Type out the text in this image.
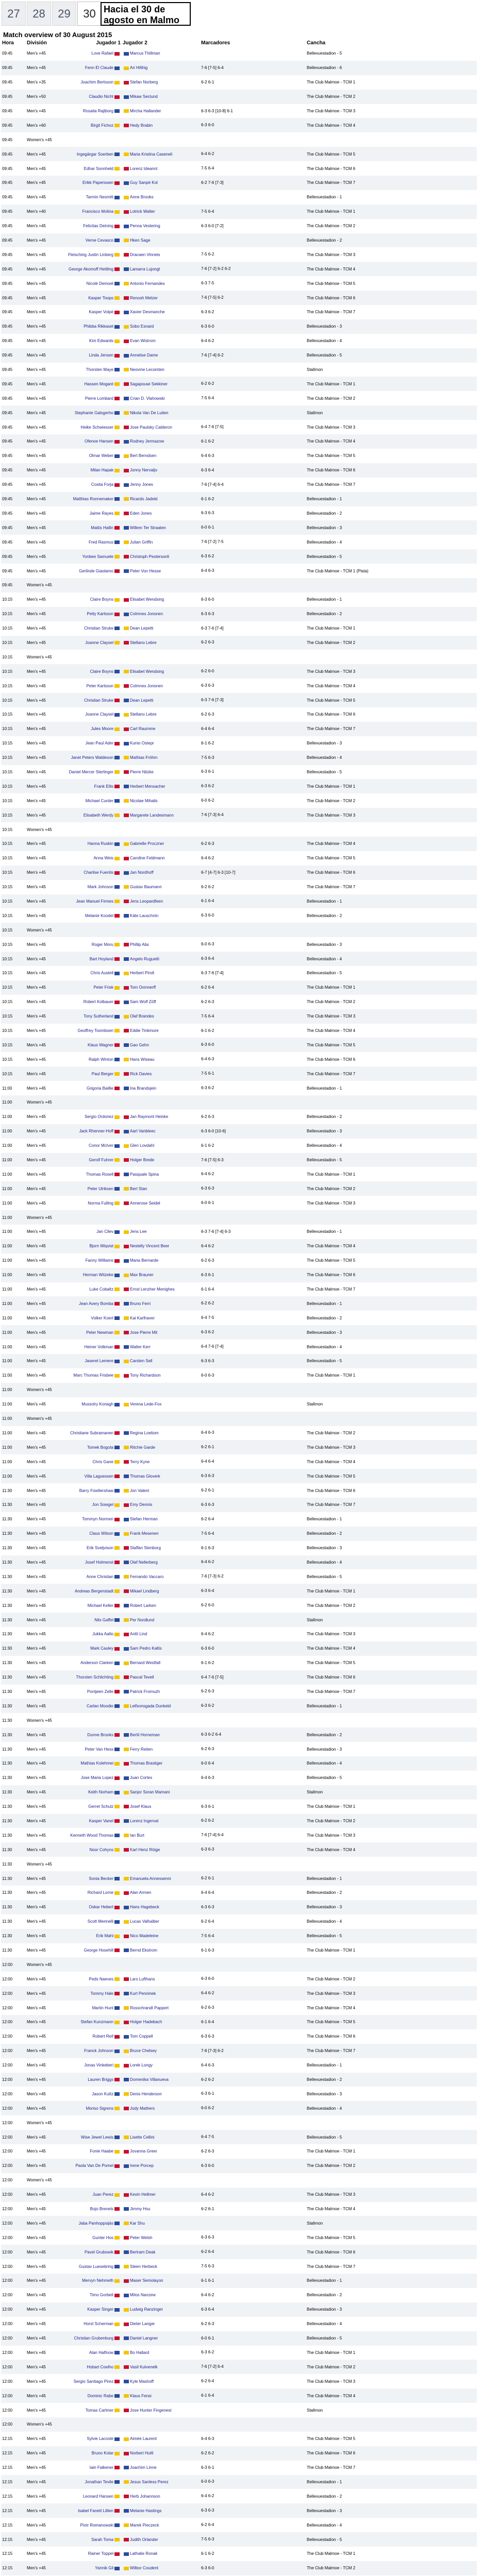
27	28	29	30 Hacia el 30 de agosto en Malmo
Match overview of 30 August 2015
Hora	División	Jugador 1	Jugador 2	Marcadores	Cancha
09:45	Men's +45	Love Rafael	Marcus Thillman		Bellevuestadion - 5
09:45	Men's +45	Fenn El Claude	Ari Hilthig	7-6 [7-5] 6-4	Bellevuestadion - 6
09:45	Men's +35	Joachim Bertsson	Stefan Norberg	6-2 6-1	The Club Malmoe - TCM 1
09:45	Men's +50	Claudio Nicht	Mikaw Seclund		The Club Malmoe - TCM 2
09:45	Men's +45	Rosalia Rajtborg	Mircha Hallander	6-3 6-3 [10-8] 6-1	The Club Malmoe - TCM 3
09:45	Men's +60	Birgit Fichoz	Hedy Brabin	6-3 6-0	The Club Malmoe - TCM 4
09:45	Women's +45				
09:45	Men's +45	Ingegärgar Soerben	Maria Kristina Caseneli	6-4 6-2	The Club Malmoe - TCM 5
09:45	Men's +45	Edhar Sonnheld	Lorenz Ideannt	7-5 6-4	The Club Malmoe - TCM 6
09:45	Men's +45	Erikk Papenssen	Guy Sanpé Kol	6-2 7-6 [7-3]	The Club Malmoe - TCM 7
09:45	Men's +45	Tarmin Nesmitt	Anne Brooks		Bellevuestadion - 1
09:45	Men's +40	Francisco Molina	Lotrick Walter	7-5 6-4	The Club Malmoe - TCM 1
09:45	Men's +45	Felicitas Deining	Penna Vestering	6-3 6-0 [7-2]	The Club Malmoe - TCM 2
09:45	Men's +45	Verne Cevasco	Hken Sage		Bellevuestadion - 2
09:45	Men's +45	Fleisching Justin Linberg	Dracaen Vinneis	7-5 6-2	The Club Malmoe - TCM 3
09:45	Men's +45	George Akomoff Hettling	Lamarra Lujongt	7-6 [7-2] 6-2 6-2	The Club Malmoe - TCM 4
09:45	Men's +45	Nicolè Demoet	Antonio Fernandes	6-3 7-5	The Club Malmoe - TCM 5
09:45	Men's +45	Kasper Toops	Renosh Melzer	7-6 [7-5] 6-2	The Club Malmoe - TCM 6
09:45	Men's +45	Kasper Volpé	Xavier Desmanche	6-3 6-2	The Club Malmoe - TCM 7
09:45	Men's +45	Phibba Rikkaset	Sobo Esnard	6-3 6-0	Bellevuestadion - 3
09:45	Men's +45	Kim Edwards	Evan Wistrom	6-4 6-2	Bellevuestadion - 4
09:45	Men's +45	Linda Jensen	Annelise Dame	7-6 [7-4] 6-2	Bellevuestadion - 5
09:45	Men's +45	Thorsten Maye	Neovine Lecomten		Stallmon
09:45	Men's +45	Hassen Mogaré	Sagapouwi Sekkiner	6-2 6-2	The Club Malmoe - TCM 1
09:45	Men's +45	Pierre Lombard	Crian D. Vlahowski	7-5 6-4	The Club Malmoe - TCM 2
09:45	Men's +45	Stephanie Galsgerho	Nikola Van De Luiten		Stallmon
09:45	Men's +45	Heike Schwiesser	Jose Paulsky Calderon	6-4 7-6 [7-5]	The Club Malmoe - TCM 3
09:45	Men's +45	Ofenoe Hansen	Rodney Jermazow	6-1 6-2	The Club Malmoe - TCM 4
09:45	Men's +45	Olmar Weber	Bert Berndsen	6-4 6-3	The Club Malmoe - TCM 5
09:45	Men's +45	Milan Hapak	Jonny Nervaljo	6-3 6-4	The Club Malmoe - TCM 6
09:45	Men's +45	Cosita Forja	Jenny Jones	7-6 [7-4] 6-4	The Club Malmoe - TCM 7
09:45	Men's +45	Matthias Ronnemaker	Ricardo Jadeld	6-1 6-2	Bellevuestadion - 1
09:45	Men's +45	Jaime Rayes	Eden Jones	6-3 6-3	Bellevuestadion - 2
09:45	Men's +45	Mattis Hallin	Willem Ter Straaten	6-0 6-1	Bellevuestadion - 3
09:45	Men's +45	Fred Rasmus	Julian Griffin	7-6 [7-2] 7-5	Bellevuestadion - 4
09:45	Men's +45	Yonbee Samuele	Christoph Pestersonli	6-3 6-2	Bellevuestadion - 5
09:45	Men's +45	Gerlinde Giaolamo	Peter Von Hesse	6-4 6-3	The Club Malmoe - TCM 1 (Pista)
09:45	Women's +45				
10:15	Men's +45	Claire Boyns	Elisabet Wendsing	6-3 6-0	Bellevuestadion - 1
10:15	Men's +45	Petty Karlsson	Colmnes Jonsnen	6-3 6-3	Bellevuestadion - 2
10:15	Men's +45	Christian Struke	Dean Lepetti	6-3 7-6 [7-4]	The Club Malmoe - TCM 1
10:15	Men's +45	Joanne Claysel	Stellano Lebre	6-2 6-3	The Club Malmoe - TCM 2
10:15	Women's +45				
10:15	Men's +45	Claire Boyns	Elisabet Wendsing	6-2 6-0	The Club Malmoe - TCM 3
10:15	Men's +45	Peter Karlsson	Colmnes Jonsnen	6-3 6-3	The Club Malmoe - TCM 4
10:15	Men's +45	Christian Struke	Dean Lepetti	6-3 7-6 [7-3]	The Club Malmoe - TCM 5
10:15	Men's +45	Joanne Claysel	Stellano Lebre	6-2 6-3	The Club Malmoe - TCM 6
10:15	Men's +45	Jules Moore	Carl Raumme	6-4 6-4	The Club Malmoe - TCM 7
10:15	Men's +45	Jean Paul Ader	Kunio Ostepr	6-1 6-2	Bellevuestadion - 3
10:15	Men's +45	Janet Peters Waldeson	Mathias Fröhm	7-5 6-3	Bellevuestadion - 4
10:15	Men's +45	Daniel Mercer Sterlinger	Pierre Nitzke	6-3 6-1	Bellevuestadion - 5
10:15	Men's +45	Frank Ellis	Herbert Mensacher	6-3 6-2	The Club Malmoe - TCM 1
10:15	Men's +45	Michael Curder	Nicolae Mihalis	6-0 6-2	The Club Malmoe - TCM 2
10:15	Men's +45	Elisabeth Werdy	Margarete Landesmann	7-6 [7-3] 6-4	The Club Malmoe - TCM 3
10:15	Women's +45				
10:15	Men's +45	Hanna Ruskin	Gabrielle Proczner	6-2 6-3	The Club Malmoe - TCM 4
10:15	Men's +45	Anna Weis	Caroline Feldmann	6-4 6-2	The Club Malmoe - TCM 5
10:15	Men's +45	Charlise Fuentis	Jan Nordhoff	6-7 [4-7] 6-3 [10-7]	The Club Malmoe - TCM 6
10:15	Men's +45	Mark Johnson	Gustav Baumann	6-2 6-2	The Club Malmoe - TCM 7
10:15	Men's +45	Jean Manuel Firmes	Jens Leopardfeen	6-1 6-4	Bellevuestadion - 1
10:15	Men's +45	Melanie Koodel	Käte Lauschnin	6-3 6-0	Bellevuestadion - 2
10:15	Women's +45				
10:15	Men's +45	Roger Moru	Phillip Abs	6-0 6-3	Bellevuestadion - 3
10:15	Men's +45	Bart Hoyland	Angelo Ruguetti	6-3 6-4	Bellevuestadion - 4
10:15	Men's +45	Chris Austell	Herbert Pirolt	6-3 7-6 [7-4]	Bellevuestadion - 5
10:15	Men's +45	Peter Frisk	Tom Oxmnerff	6-2 6-4	The Club Malmoe - TCM 1
10:15	Men's +45	Robert Kolbauer	Sam Wolf Zöff	6-2 6-3	The Club Malmoe - TCM 2
10:15	Men's +45	Tony Sutherland	Olaf Brandes	7-5 6-4	The Club Malmoe - TCM 3
10:15	Men's +45	Geoffrey Toombsen	Eddie Tinkmore	6-1 6-2	The Club Malmoe - TCM 4
10:15	Men's +45	Klaus Wagner	Gao Gehn	6-3 6-0	The Club Malmoe - TCM 5
10:15	Men's +45	Ralph Winton	Hans Wiseau	6-4 6-3	The Club Malmoe - TCM 6
10:15	Men's +45	Paul Berger	Rick Davies	7-5 6-1	The Club Malmoe - TCM 7
11:00	Men's +45	Grigoria Baillie	Ina Brandsjein	6-3 6-2	Bellevuestadion - 1
11:00	Women's +45				
11:00	Men's +45	Sergio Ordonez	Jan Raymont Heinke	6-2 6-3	Bellevuestadion - 2
11:00	Men's +45	Jack Rhenner-Hoff	Aart Vanbleec	6-3 6-0 [10-6]	Bellevuestadion - 3
11:00	Men's +45	Conor McIver	Glen Lovdahl	6-1 6-2	Bellevuestadion - 4
11:00	Men's +45	Gerolf Fuhrer	Holger Brede	7-6 [7-5] 6-3	Bellevuestadion - 5
11:00	Men's +45	Thomas Rosell	Pasquale Spina	6-4 6-2	The Club Malmoe - TCM 1
11:00	Men's +45	Peter Ulriksen	Bert Stan	6-3 6-3	The Club Malmoe - TCM 2
11:00	Men's +45	Norma Fulling	Annerose Seidel	6-0 6-1	The Club Malmoe - TCM 3
11:00	Women's +45				
11:00	Men's +45	Jan Cilev	Jens Lee	6-3 7-6 [7-4] 6-3	Bellevuestadion - 1
11:00	Men's +45	Bjorn Wiqvist	Nestelly Vincent Beer	6-4 6-2	The Club Malmoe - TCM 4
11:00	Men's +45	Fanny Williams	Maria Bernarde	6-2 6-3	The Club Malmoe - TCM 5
11:00	Men's +45	Herman Witzeke	Max Brauner	6-3 6-1	The Club Malmoe - TCM 6
11:00	Men's +45	Luke Cobaltz	Ernst Lenzher Menighes	6-1 6-4	The Club Malmoe - TCM 7
11:00	Men's +45	Jean Avery Bomba	Bruno Ferri	6-2 6-2	Bellevuestadion - 1
11:00	Men's +45	Volker Koert	Kai Karlhaver	6-4 7-5	Bellevuestadion - 2
11:00	Men's +45	Peter Newman	Jose Pierre Mil	6-3 6-2	Bellevuestadion - 3
11:00	Men's +45	Heiner Volkman	Walter Kerr	6-4 7-6 [7-4]	Bellevuestadion - 4
11:00	Men's +45	Jaseret Lemere	Carsten Sell	6-3 6-3	Bellevuestadion - 5
11:00	Men's +45	Marc Thomas Frisbee	Tony Richardson	6-0 6-3	The Club Malmoe - TCM 1
11:00	Women's +45				
11:00	Men's +45	Mussolry Konagh	Verena Lede-Fox		Stallmon
11:00	Women's +45				
11:00	Men's +45	Christiane Subramanen	Regina Loeliom	6-4 6-3	The Club Malmoe - TCM 2
11:00	Men's +45	Tomek Bogota	Ritchie Garde	6-2 6-1	The Club Malmoe - TCM 3
11:00	Men's +45	Chris Gane	Terry Kyne	6-4 6-4	The Club Malmoe - TCM 4
11:00	Men's +45	Villa Laguessen	Thomas Gloverk	6-3 6-3	The Club Malmoe - TCM 5
11:30	Men's +45	Barry Fowltershaw	Jon Valent	6-2 6-1	The Club Malmoe - TCM 6
11:30	Men's +45	Jon Sowgel	Emy Dennis	6-3 6-3	The Club Malmoe - TCM 7
11:30	Men's +45	Tommyn Normen	Stefan Herman	6-2 6-4	Bellevuestadion - 1
11:30	Men's +45	Claus Wilson	Frank Mesenen	7-5 6-4	Bellevuestadion - 2
11:30	Men's +45	Erik Sveljvison	Staffan Stenborg	6-1 6-3	Bellevuestadion - 3
11:30	Men's +45	Josef Holmenst	Olaf Nellerberg	6-4 6-2	Bellevuestadion - 4
11:30	Men's +45	Anne Christian	Fernando Vaccaro	7-6 [7-3] 6-2	Bellevuestadion - 5
11:30	Men's +45	Andreas Bergenstadt	Mikael Lindberg	6-3 6-4	The Club Malmoe - TCM 1
11:30	Men's +45	Michael Keller	Robert Larken	6-2 6-0	The Club Malmoe - TCM 2
11:30	Men's +45	Nils Gaffel	Per Nordlund		Stallmon
11:30	Men's +45	Jukka Aalto	Antti Lind	6-4 6-2	The Club Malmoe - TCM 3
11:30	Men's +45	Mark Cauley	Sam Pedro Kaltis	6-3 6-0	The Club Malmoe - TCM 4
11:30	Men's +45	Anderson Clarken	Bernard Westfall	6-1 6-2	The Club Malmoe - TCM 5
11:30	Men's +45	Thorsten Schlichting	Pascal Tevell	6-4 7-6 [7-5]	The Club Malmoe - TCM 6
11:30	Men's +45	Pontjeen Zelle	Patrick Fromuzh	6-2 6-3	The Club Malmoe - TCM 7
11:30	Men's +45	Carlan Moodie	Leifsonsgada Dunkeld	6-3 6-2	Bellevuestadion - 1
11:30	Women's +45				
11:30	Men's +45	Dunne Brooks	Bertil Horneman	6-3 6-2 6-4	Bellevuestadion - 2
11:30	Men's +45	Peter Van Hess	Ferry Reiten	6-2 6-3	Bellevuestadion - 3
11:30	Men's +45	Mathias Kolehmei	Thomas Brastiger	6-0 6-4	Bellevuestadion - 4
11:30	Men's +45	Jose Maria Lopez	Juan Cortes	6-4 6-3	Bellevuestadion - 5
11:30	Men's +45	Keith Norham	Sanjor Soran Mamani		Stallmon
11:30	Men's +45	Gerret Schulz	Josef Klaus	6-3 6-1	The Club Malmoe - TCM 1
11:30	Men's +45	Kasper Vanel	Lorenz Ingerval	6-2 6-2	The Club Malmoe - TCM 2
11:30	Men's +45	Kenneth Wood Thomas	Ian Burt	7-6 [7-4] 6-4	The Club Malmoe - TCM 3
11:30	Men's +45	Noor Cohyns	Karl Henz Röige	6-3 6-3	The Club Malmoe - TCM 4
11:30	Women's +45				
11:30	Men's +45	Sonia Becker	Emanuela Annessenni	6-2 6-1	Bellevuestadion - 1
11:30	Men's +45	Richard Lorne	Alan Armen	6-4 6-4	Bellevuestadion - 2
11:30	Men's +45	Oskar Hebert	Hans Hagebeck	6-3 6-3	Bellevuestadion - 3
11:30	Men's +45	Scott Mennelli	Lucas Valhalber	6-2 6-4	Bellevuestadion - 4
11:30	Men's +45	Erik Mahl	Nico Madeleine	7-5 6-4	Bellevuestadion - 5
11:30	Men's +45	George Hosehill	Bernd Ekstrom	6-1 6-3	The Club Malmoe - TCM 1
12:00	Women's +45				
12:00	Men's +45	Peds Naeves	Lars Lufthans	6-3 6-0	The Club Malmoe - TCM 2
12:00	Men's +45	Tommy Hale	Kurt Penninek	6-4 6-2	The Club Malmoe - TCM 3
12:00	Men's +45	Martin Hunt	Rosschrandt Pappert	6-2 6-3	The Club Malmoe - TCM 4
12:00	Men's +45	Stefan Kunzmann	Holger Hadebach	6-1 6-4	The Club Malmoe - TCM 5
12:00	Men's +45	Robert Reif	Tom Coppell	6-3 6-3	The Club Malmoe - TCM 6
12:00	Men's +45	Franck Johnson	Bruce Chelsey	7-6 [7-3] 6-2	The Club Malmoe - TCM 7
12:00	Men's +45	Jonas Vinkeberi	Lorek Longy	6-4 6-3	Bellevuestadion - 1
12:00	Men's +45	Lauren Briggs	Domenika Villanueva	6-2 6-2	Bellevuestadion - 2
12:00	Men's +45	Jason Kuttz	Denis Henderson	6-3 6-1	Bellevuestadion - 3
12:00	Men's +45	Moriso Sigrens	Jody Mathers	6-0 6-2	Bellevuestadion - 4
12:00	Women's +45				
12:00	Men's +45	Wise Jewel Lewis	Lisette Cellini	6-4 7-5	Bellevuestadion - 5
12:00	Men's +45	Fonie Haabe	Jovanna Greer	6-2 6-3	The Club Malmoe - TCM 1
12:00	Men's +45	Paola Van De Pomel	Irene Porcep	6-3 6-0	The Club Malmoe - TCM 2
12:00	Women's +45				
12:00	Men's +45	Juan Perez	Kevin Hellmer	6-4 6-2	The Club Malmoe - TCM 3
12:00	Men's +45	Bojo Brenels	Jimmy Hsu	6-2 6-1	The Club Malmoe - TCM 4
12:00	Men's +45	Jaba Panhoppsijäs	Kar Shu		Stallmon
12:00	Men's +45	Gunter Hos	Peter Welsh	6-3 6-3	The Club Malmoe - TCM 5
12:00	Men's +45	Pavel Grubowik	Bertram Deak	6-2 6-4	The Club Malmoe - TCM 6
12:00	Men's +45	Gustav Luesebring	Steen Herbeck	7-5 6-3	The Club Malmoe - TCM 7
12:00	Men's +45	Mervyn Nehmeth	Maser Semolayon	6-1 6-1	Bellevuestadion - 1
12:00	Men's +45	Timo Gorbeit	Milos Nanzew	6-4 6-2	Bellevuestadion - 2
12:00	Men's +45	Kasper Singer	Ludwig Ranzinger	6-3 6-4	Bellevuestadion - 3
12:00	Men's +45	Horst Scherman	Dieter Langer	6-2 6-3	Bellevuestadion - 4
12:00	Men's +45	Christian Grubenburg	Daniel Langner	6-0 6-1	Bellevuestadion - 5
12:00	Men's +45	Alan Halfnow	Bo Hallard	6-3 6-2	The Club Malmoe - TCM 1
12:00	Men's +45	Hobart Coelho	Vasil Kulvenelk	7-6 [7-2] 6-4	The Club Malmoe - TCM 2
12:00	Men's +45	Sergio Santiago Pirez	Kyle Mashoff	6-2 6-4	The Club Malmoe - TCM 3
12:00	Men's +45	Dominic Rabe	Klaus Fensi	6-1 6-4	The Club Malmoe - TCM 4
12:00	Men's +45	Tomas Carlmer	Jose Hunter Fingenest		Stallmon
12:00	Women's +45				
12:15	Men's +45	Sylvie Lacoste	Aimée Laurent	6-4 6-3	The Club Malmoe - TCM 5
12:15	Men's +45	Bruno Kolar	Norbert Huttl	6-2 6-2	The Club Malmoe - TCM 6
12:15	Men's +45	Iain Falkener	Joachim Linne	6-3 6-1	The Club Malmoe - TCM 7
12:15	Men's +45	Jonathan Tevile	Jesus Sanless Perez	6-0 6-3	Bellevuestadion - 1
12:15	Men's +45	Leonard Hansen	Herb Johannson	6-4 6-2	Bellevuestadion - 2
12:15	Men's +45	Isabel Fanett Lillien	Melanie Hastings	6-3 6-3	Bellevuestadion - 3
12:15	Men's +45	Piotr Romanowski	Marek Pieczeck	6-2 6-4	Bellevuestadion - 4
12:15	Men's +45	Sarah Toma	Judith Orlander	7-5 6-3	Bellevuestadion - 5
12:15	Men's +45	Rainer Toppel	Lathalie Ronak	6-1 6-2	The Club Malmoe - TCM 1
12:15	Men's +45	Yannik Gil	Wilbor Coudent	6-3 6-0	The Club Malmoe - TCM 2
